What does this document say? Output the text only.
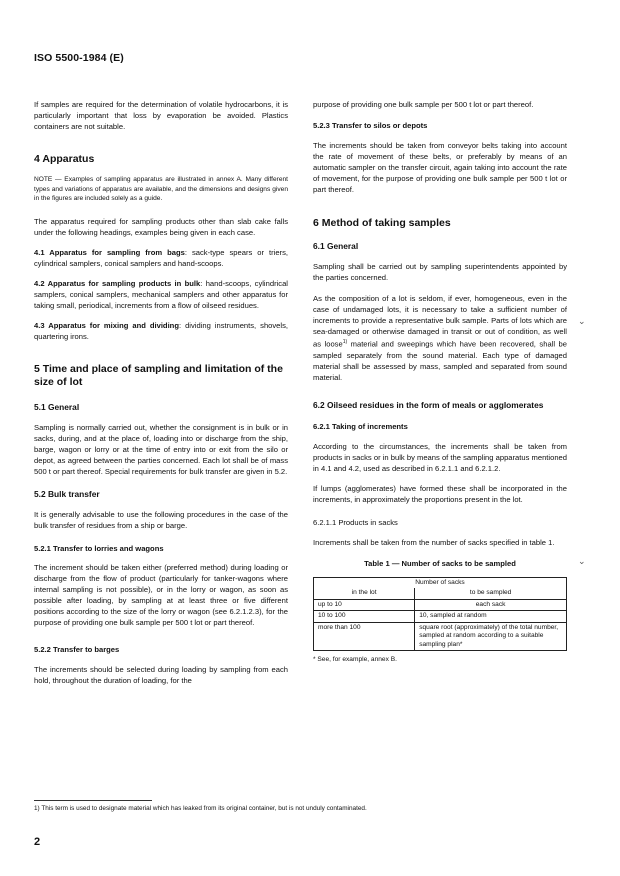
ISO 5500-1984 (E)

If samples are required for the determination of volatile hydrocarbons, it is particularly important that loss by evaporation be avoided. Plastics containers are not suitable.

4 Apparatus

NOTE — Examples of sampling apparatus are illustrated in annex A. Many different types and variations of apparatus are available, and the dimensions and designs given in the figures are included solely as a guide.

The apparatus required for sampling products other than slab cake falls under the following headings, examples being given in each case.

4.1 Apparatus for sampling from bags: sack-type spears or triers, cylindrical samplers, conical samplers and hand-scoops.

4.2 Apparatus for sampling products in bulk: hand-scoops, cylindrical samplers, conical samplers, mechanical samplers and other apparatus for taking small, periodical, increments from a flow of oilseed residues.

4.3 Apparatus for mixing and dividing: dividing instruments, shovels, quartering irons.

5 Time and place of sampling and limitation of the size of lot
5.1 General

Sampling is normally carried out, whether the consignment is in bulk or in sacks, during, and at the place of, loading into or discharge from the ship, barge, wagon or lorry or at the time of entry into or exit from the silo or depot, as agreed between the parties concerned. Each lot shall be of mass 500 t or part thereof. Special requirements for bulk transfer are given in 5.2.

5.2 Bulk transfer

It is generally advisable to use the following procedures in the case of the bulk transfer of residues from a ship or barge.

5.2.1 Transfer to lorries and wagons

The increment should be taken either (preferred method) during loading or discharge from the flow of product (particularly for tanker-wagons where internal sampling is not possible), or in the lorry or wagon, as soon as possible after loading, by sampling at at least three or five different positions according to the size of the lorry or wagon (see 6.2.1.2.3), for the purpose of providing one bulk sample per 500 t lot or part thereof.

5.2.2 Transfer to barges

The increments should be selected during loading by sampling from each hold, throughout the duration of loading, for the

purpose of providing one bulk sample per 500 t lot or part thereof.

5.2.3 Transfer to silos or depots

The increments should be taken from conveyor belts taking into account the rate of movement of these belts, or preferably by means of an automatic sampler on the transfer circuit, again taking into account the rate of movement, for the purpose of providing one bulk sample per 500 t lot or part thereof.

6 Method of taking samples
6.1 General

Sampling shall be carried out by sampling superintendents appointed by the parties concerned.

As the composition of a lot is seldom, if ever, homogeneous, even in the case of undamaged lots, it is necessary to take a sufficient number of increments to provide a representative bulk sample. Parts of lots which are sea-damaged or otherwise damaged in transit or out of condition, as well as loose$^{1)}$ material and sweepings which have been recovered, shall be sampled separately from the sound material. Each type of damaged material shall be assessed by mass, sampled and separated from sound material.

6.2 Oilseed residues in the form of meals or agglomerates
6.2.1 Taking of increments

According to the circumstances, the increments shall be taken from products in sacks or in bulk by means of the sampling apparatus mentioned in 4.1 and 4.2, used as described in 6.2.1.1 and 6.2.1.2.

If lumps (agglomerates) have formed these shall be incorporated in the increments, in approximately the proportions present in the lot.

6.2.1.1 Products in sacks

Increments shall be taken from the number of sacks specified in table 1.

Table 1 — Number of sacks to be sampled
Number of sacks	
in the lot	to be sampled
up to 10	each sack
10 to 100	10, sampled at random
more than 100	square root (approximately) of the total number, sampled at random according to a suitable sampling plan*

* See, for example, annex B.

⌄
⌄
1) This term is used to designate material which has leaked from its original container, but is not unduly contaminated.
2
